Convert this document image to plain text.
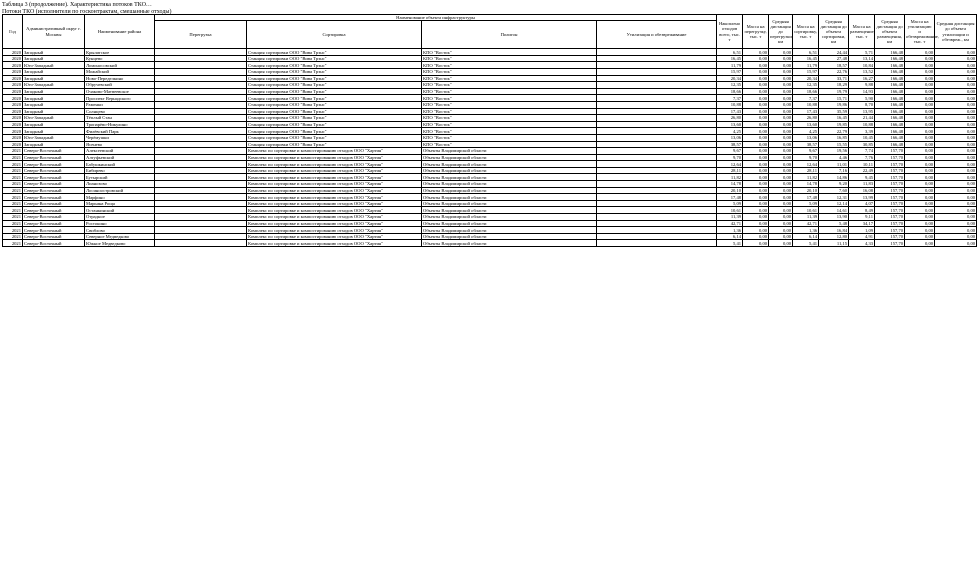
Таблица 3 (продолжение). Характеристика потоков ТКО…
Потоки ТКО (исполнители по госконтрактам, смешанные отходы)
Год	Административный округ г. Москвы	Наименование района	Наименование объекта инфраструктуры				Накоплено отходов всего, тыс. т	Масса на перегрузку, тыс. т	Средняя дистанция до перегрузки, км	Масса на сортировку, тыс. т	Средняя дистанция до объекта сортировки, км	Масса на размещение, тыс. т	Средняя дистанция до объекта размещения, км	Масса на утилизацию и обезвреживание, тыс. т	Средняя дистанция до объекта утилизации и обезвреж., км
			Перегрузка	Сортировка	Полигон	Утилизация и обезвреживание									
2020	Западный	Крылатское		Станция сортировки ООО "Вива Трэнс"	КПО "Восток"		6,51	0,00	0,00	6,51	24,44	5,71	166,48	0,00	0,00
2020	Западный	Кунцево		Станция сортировки ООО "Вива Трэнс"	КПО "Восток"		16,45	0,00	0,00	16,45	27,48	13,14	166,48	0,00	0,00
2020	Юго-Западный	Ломоносовский		Станция сортировки ООО "Вива Трэнс"	КПО "Восток"		11,79	0,00	0,00	11,79	18,57	10,84	166,48	0,00	0,00
2020	Западный	Можайский		Станция сортировки ООО "Вива Трэнс"	КПО "Восток"		15,97	0,00	0,00	15,97	22,76	13,52	166,48	0,00	0,00
2020	Западный	Ново-Переделкино		Станция сортировки ООО "Вива Трэнс"	КПО "Восток"		20,34	0,00	0,00	20,34	33,71	16,27	166,48	0,00	0,00
2020	Юго-Западный	Обручевский		Станция сортировки ООО "Вива Трэнс"	КПО "Восток"		12,35	0,00	0,00	12,35	18,29	9,88	166,48	0,00	0,00
2020	Западный	Очаково-Матвеевское		Станция сортировки ООО "Вива Трэнс"	КПО "Восток"		18,66	0,00	0,00	18,66	19,79	14,93	166,48	0,00	0,00
2020	Западный	Проспект Вернадского		Станция сортировки ООО "Вива Трэнс"	КПО "Восток"		7,37	0,00	0,00	7,37	15,71	5,90	166,48	0,00	0,00
2020	Западный	Раменки		Станция сортировки ООО "Вива Трэнс"	КПО "Восток"		10,88	0,00	0,00	10,88	19,86	8,70	166,48	0,00	0,00
2020	Западный	Солнцево		Станция сортировки ООО "Вива Трэнс"	КПО "Восток"		17,43	0,00	0,00	17,43	35,59	13,95	166,48	0,00	0,00
2020	Юго-Западный	Тёплый Стан		Станция сортировки ООО "Вива Трэнс"	КПО "Восток"		26,80	0,00	0,00	26,80	16,45	21,44	166,48	0,00	0,00
2020	Западный	Тропарёво-Никулино		Станция сортировки ООО "Вива Трэнс"	КПО "Восток"		13,60	0,00	0,00	13,60	19,85	10,88	166,48	0,00	0,00
2020	Западный	Филёвский Парк		Станция сортировки ООО "Вива Трэнс"	КПО "Восток"		4,25	0,00	0,00	4,25	22,79	3,39	166,48	0,00	0,00
2020	Юго-Западный	Черёмушки		Станция сортировки ООО "Вива Трэнс"	КПО "Восток"		13,06	0,00	0,00	13,06	16,85	10,45	166,48	0,00	0,00
2020	Западный	Ясенево		Станция сортировки ООО "Вива Трэнс"	КПО "Восток"		38,57	0,00	0,00	38,57	15,55	30,85	166,48	0,00	0,00
2021	Северо-Восточный	Алексеевский		Комплекс по сортировке и компостированию отходов ООО "Хартия"	Объекты Владимирской области		9,67	0,00	0,00	9,67	19,56	7,74	157,70	0,00	0,00
2021	Северо-Восточный	Алтуфьевский		Комплекс по сортировке и компостированию отходов ООО "Хартия"	Объекты Владимирской области		9,70	0,00	0,00	9,70	4,46	7,76	157,70	0,00	0,00
2021	Северо-Восточный	Бабушкинский		Комплекс по сортировке и компостированию отходов ООО "Хартия"	Объекты Владимирской области		12,64	0,00	0,00	12,64	11,01	10,11	157,70	0,00	0,00
2021	Северо-Восточный	Бибирево		Комплекс по сортировке и компостированию отходов ООО "Хартия"	Объекты Владимирской области		28,11	0,00	0,00	28,11	7,16	22,49	157,70	0,00	0,00
2021	Северо-Восточный	Бутырский		Комплекс по сортировке и компостированию отходов ООО "Хартия"	Объекты Владимирской области		11,82	0,00	0,00	11,82	14,86	9,45	157,70	0,00	0,00
2021	Северо-Восточный	Лианозово		Комплекс по сортировке и компостированию отходов ООО "Хартия"	Объекты Владимирской области		14,78	0,00	0,00	14,78	9,20	11,83	157,70	0,00	0,00
2021	Северо-Восточный	Лосиноостровский		Комплекс по сортировке и компостированию отходов ООО "Хартия"	Объекты Владимирской области		20,10	0,00	0,00	20,10	7,60	16,08	157,70	0,00	0,00
2021	Северо-Восточный	Марфино		Комплекс по сортировке и компостированию отходов ООО "Хартия"	Объекты Владимирской области		17,48	0,00	0,00	17,48	12,31	13,99	157,70	0,00	0,00
2021	Северо-Восточный	Марьина Роща		Комплекс по сортировке и компостированию отходов ООО "Хартия"	Объекты Владимирской области		5,09	0,00	0,00	5,09	12,14	4,07	157,70	0,00	0,00
2021	Северо-Восточный	Останкинский		Комплекс по сортировке и компостированию отходов ООО "Хартия"	Объекты Владимирской области		10,61	0,00	0,00	10,61	14,61	8,49	157,70	0,00	0,00
2021	Северо-Восточный	Отрадное		Комплекс по сортировке и компостированию отходов ООО "Хартия"	Объекты Владимирской области		11,39	0,00	0,00	11,39	13,90	9,11	157,70	0,00	0,00
2021	Северо-Восточный	Ростокино		Комплекс по сортировке и компостированию отходов ООО "Хартия"	Объекты Владимирской области		42,71	0,00	0,00	42,71	5,48	34,17	157,70	0,00	0,00
2021	Северо-Восточный	Свиблово		Комплекс по сортировке и компостированию отходов ООО "Хартия"	Объекты Владимирской области		1,36	0,00	0,00	1,36	16,84	1,09	157,70	0,00	0,00
2021	Северо-Восточный	Северное Медведково		Комплекс по сортировке и компостированию отходов ООО "Хартия"	Объекты Владимирской области		6,14	0,00	0,00	6,14	12,80	4,91	157,70	0,00	0,00
2021	Северо-Восточный	Южное Медведково		Комплекс по сортировке и компостированию отходов ООО "Хартия"	Объекты Владимирской области		5,41	0,00	0,00	5,41	11,15	4,33	157,70	0,00	0,00
